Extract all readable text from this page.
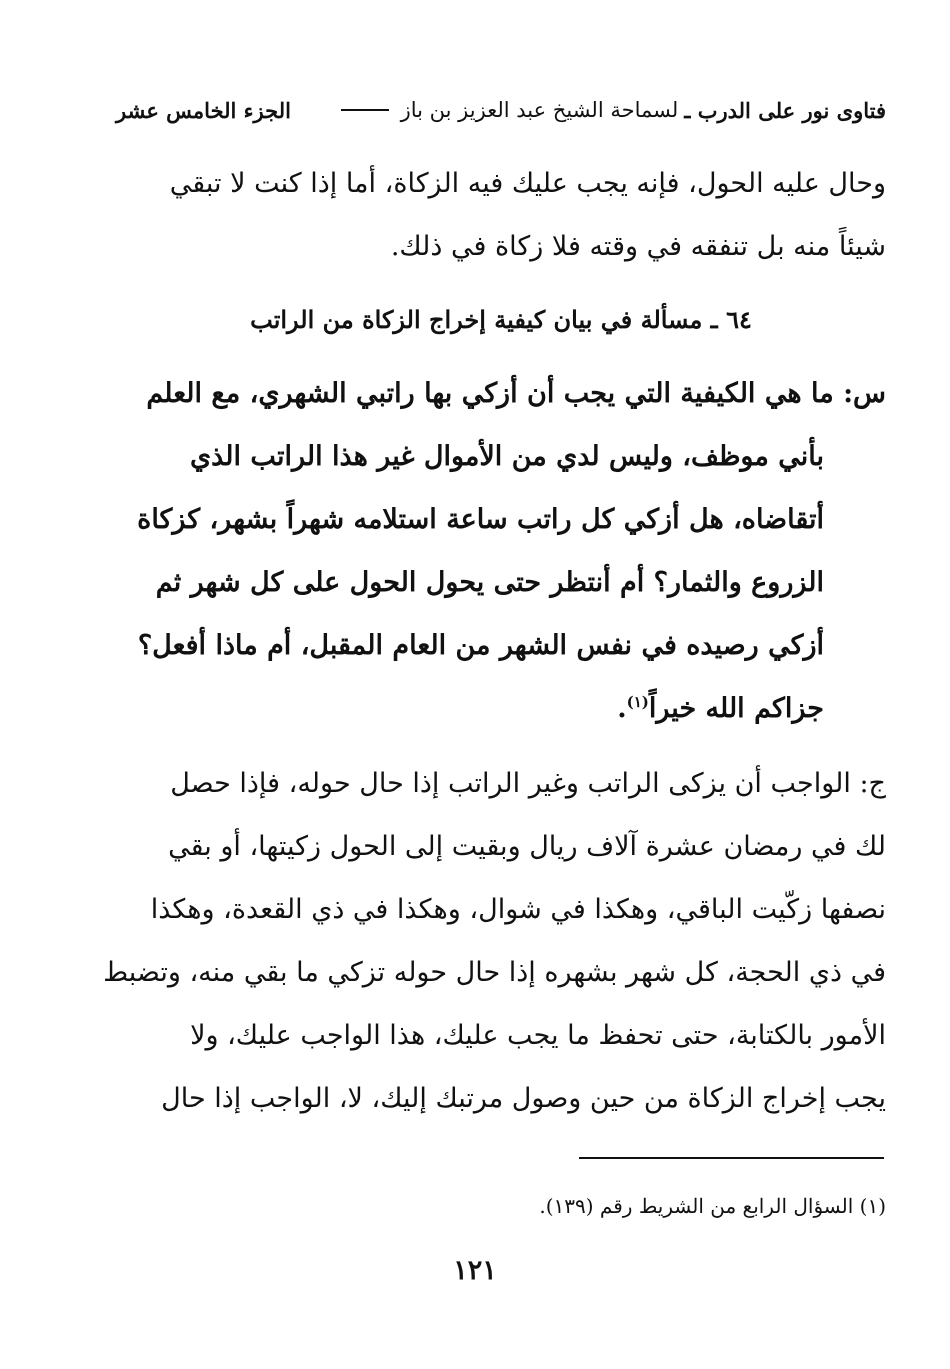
فتاوى نور على الدرب ـ
لسماحة الشيخ عبد العزيز بن باز
الجزء الخامس عشر
وحال عليه الحول، فإنه يجب عليك فيه الزكاة، أما إذا كنت لا تبقي
شيئاً منه بل تنفقه في وقته فلا زكاة في ذلك.
٦٤ ـ مسألة في بيان كيفية إخراج الزكاة من الراتب
س: ما هي الكيفية التي يجب أن أزكي بها راتبي الشهري، مع العلم
بأني موظف، وليس لدي من الأموال غير هذا الراتب الذي
أتقاضاه، هل أزكي كل راتب ساعة استلامه شهراً بشهر، كزكاة
الزروع والثمار؟ أم أنتظر حتى يحول الحول على كل شهر ثم
أزكي رصيده في نفس الشهر من العام المقبل، أم ماذا أفعل؟
جزاكم الله خيراً$^{(١)}$.
ج: الواجب أن يزكى الراتب وغير الراتب إذا حال حوله، فإذا حصل
لك في رمضان عشرة آلاف ريال وبقيت إلى الحول زكيتها، أو بقي
نصفها زكّيت الباقي، وهكذا في شوال، وهكذا في ذي القعدة، وهكذا
في ذي الحجة، كل شهر بشهره إذا حال حوله تزكي ما بقي منه، وتضبط
الأمور بالكتابة، حتى تحفظ ما يجب عليك، هذا الواجب عليك، ولا
يجب إخراج الزكاة من حين وصول مرتبك إليك، لا، الواجب إذا حال
(١) السؤال الرابع من الشريط رقم (١٣٩).
١٢١
